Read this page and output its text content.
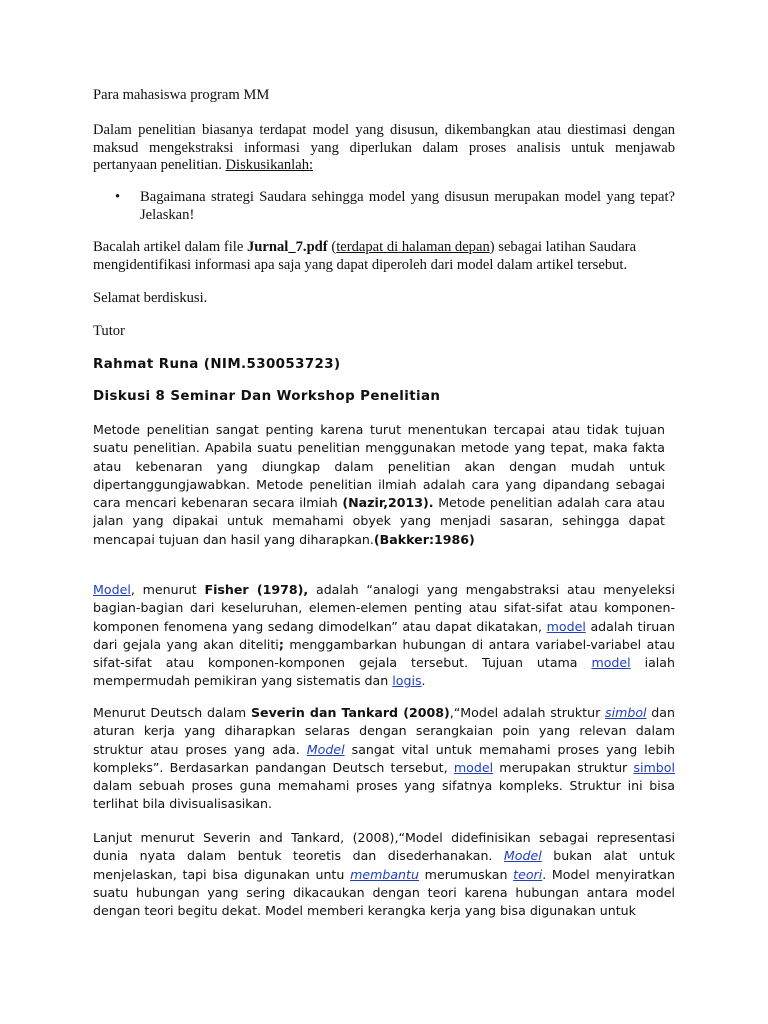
Para mahasiswa program MM

Dalam penelitian biasanya terdapat model yang disusun, dikembangkan atau diestimasi dengan maksud mengekstraksi informasi yang diperlukan dalam proses analisis untuk menjawab pertanyaan penelitian. Diskusikanlah:

• Bagaimana strategi Saudara sehingga model yang disusun merupakan model yang tepat? Jelaskan!

Bacalah artikel dalam file Jurnal_7.pdf (terdapat di halaman depan) sebagai latihan Saudara mengidentifikasi informasi apa saja yang dapat diperoleh dari model dalam artikel tersebut.

Selamat berdiskusi.

Tutor

Rahmat Runa (NIM.530053723)

Diskusi 8 Seminar Dan Workshop Penelitian

Metode penelitian sangat penting karena turut menentukan tercapai atau tidak tujuan suatu penelitian. Apabila suatu penelitian menggunakan metode yang tepat, maka fakta atau kebenaran yang diungkap dalam penelitian akan dengan mudah untuk dipertanggungjawabkan. Metode penelitian ilmiah adalah cara yang dipandang sebagai cara mencari kebenaran secara ilmiah (Nazir,2013). Metode penelitian adalah cara atau jalan yang dipakai untuk memahami obyek yang menjadi sasaran, sehingga dapat mencapai tujuan dan hasil yang diharapkan.(Bakker:1986)

Model, menurut Fisher (1978), adalah “analogi yang mengabstraksi atau menyeleksi bagian-bagian dari keseluruhan, elemen-elemen penting atau sifat-sifat atau komponen-komponen fenomena yang sedang dimodelkan” atau dapat dikatakan, model adalah tiruan dari gejala yang akan diteliti; menggambarkan hubungan di antara variabel-variabel atau sifat-sifat atau komponen-komponen gejala tersebut. Tujuan utama model ialah mempermudah pemikiran yang sistematis dan logis.

Menurut Deutsch dalam Severin dan Tankard (2008),“Model adalah struktur simbol dan aturan kerja yang diharapkan selaras dengan serangkaian poin yang relevan dalam struktur atau proses yang ada. Model sangat vital untuk memahami proses yang lebih kompleks”. Berdasarkan pandangan Deutsch tersebut, model merupakan struktur simbol dalam sebuah proses guna memahami proses yang sifatnya kompleks. Struktur ini bisa terlihat bila divisualisasikan.

Lanjut menurut Severin and Tankard, (2008),“Model didefinisikan sebagai representasi dunia nyata dalam bentuk teoretis dan disederhanakan. Model bukan alat untuk menjelaskan, tapi bisa digunakan untu membantu merumuskan teori. Model menyiratkan suatu hubungan yang sering dikacaukan dengan teori karena hubungan antara model dengan teori begitu dekat. Model memberi kerangka kerja yang bisa digunakan untuk
